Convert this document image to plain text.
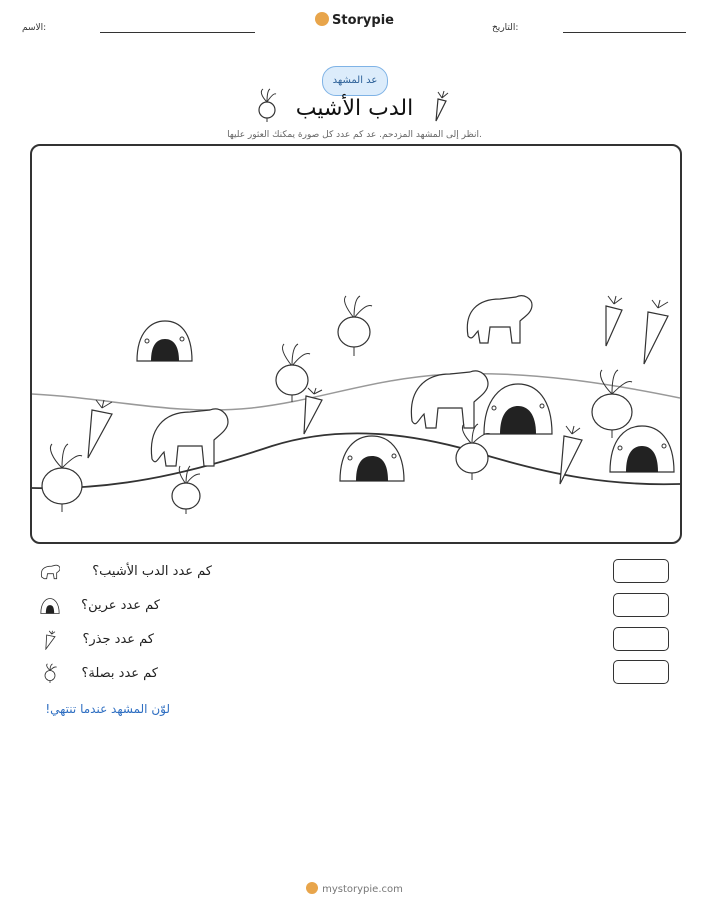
الاسم:	Storypie	التاريخ:
عد المشهد
الدب الأشيب
انظر إلى المشهد المزدحم. عد كم عدد كل صورة يمكنك العثور عليها.
كم عدد الدب الأشيب؟
كم عدد عرين؟
كم عدد جذر؟
كم عدد بصلة؟
لوّن المشهد عندما تنتهي!
mystorypie.com
